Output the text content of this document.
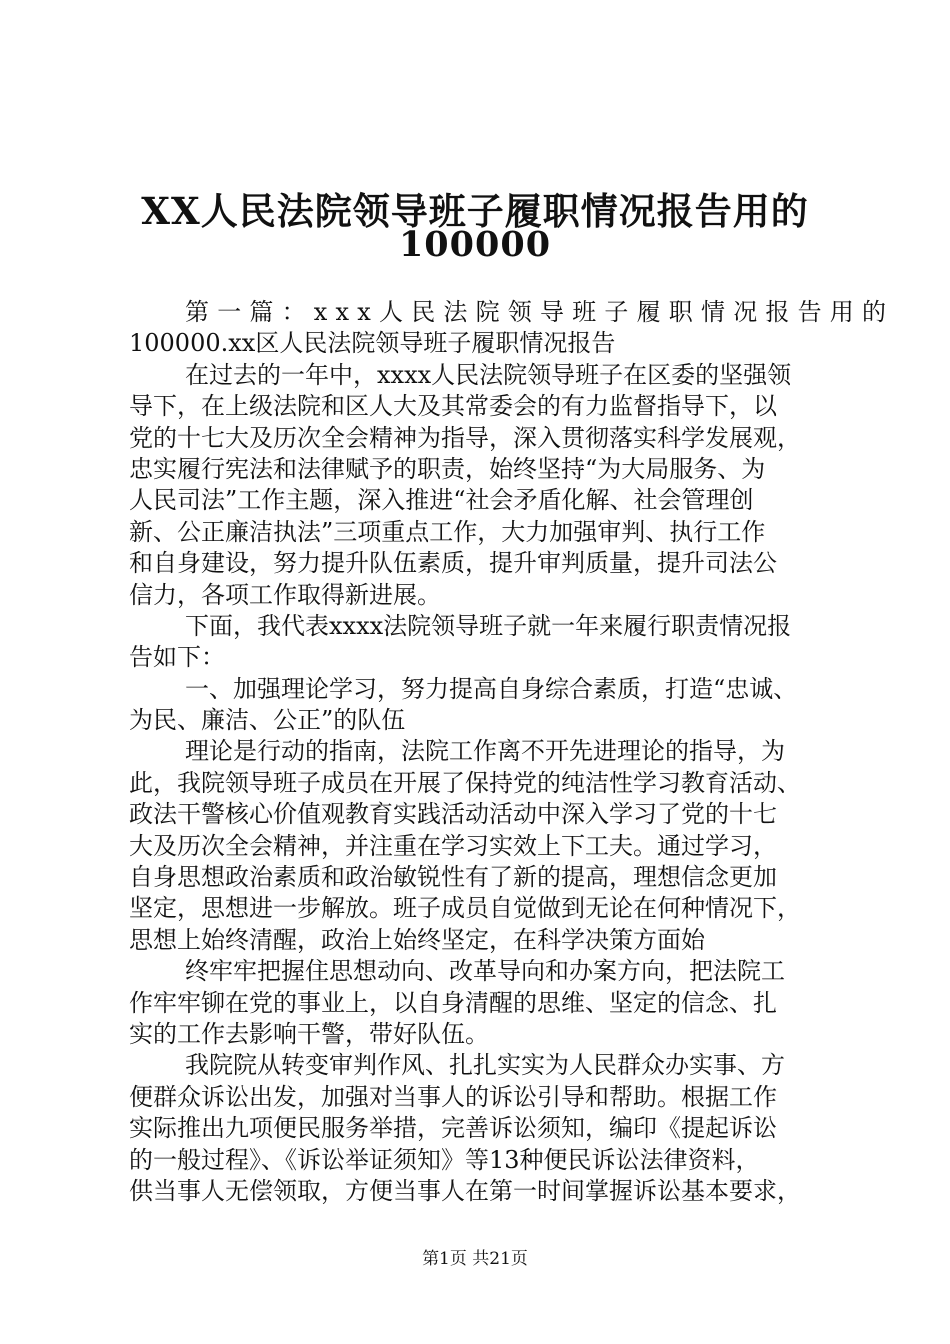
XX人民法院领导班子履职情况报告用的
100000
第一篇：xxx人民法院领导班子履职情况报告用的
100000.xx区人民法院领导班子履职情况报告
在过去的一年中，xxxx人民法院领导班子在区委的坚强领
导下，在上级法院和区人大及其常委会的有力监督指导下，以
党的十七大及历次全会精神为指导，深入贯彻落实科学发展观，
忠实履行宪法和法律赋予的职责，始终坚持“为大局服务、为
人民司法”工作主题，深入推进“社会矛盾化解、社会管理创
新、公正廉洁执法”三项重点工作，大力加强审判、执行工作
和自身建设，努力提升队伍素质，提升审判质量，提升司法公
信力，各项工作取得新进展。
下面，我代表xxxx法院领导班子就一年来履行职责情况报
告如下：
一、加强理论学习，努力提高自身综合素质，打造“忠诚、
为民、廉洁、公正”的队伍
理论是行动的指南，法院工作离不开先进理论的指导，为
此，我院领导班子成员在开展了保持党的纯洁性学习教育活动、
政法干警核心价值观教育实践活动活动中深入学习了党的十七
大及历次全会精神，并注重在学习实效上下工夫。通过学习，
自身思想政治素质和政治敏锐性有了新的提高，理想信念更加
坚定，思想进一步解放。班子成员自觉做到无论在何种情况下，
思想上始终清醒，政治上始终坚定，在科学决策方面始
终牢牢把握住思想动向、改革导向和办案方向，把法院工
作牢牢铆在党的事业上，以自身清醒的思维、坚定的信念、扎
实的工作去影响干警，带好队伍。
我院院从转变审判作风、扎扎实实为人民群众办实事、方
便群众诉讼出发，加强对当事人的诉讼引导和帮助。根据工作
实际推出九项便民服务举措，完善诉讼须知，编印《提起诉讼
的一般过程》、《诉讼举证须知》等13种便民诉讼法律资料，
供当事人无偿领取，方便当事人在第一时间掌握诉讼基本要求，
第1页 共21页
